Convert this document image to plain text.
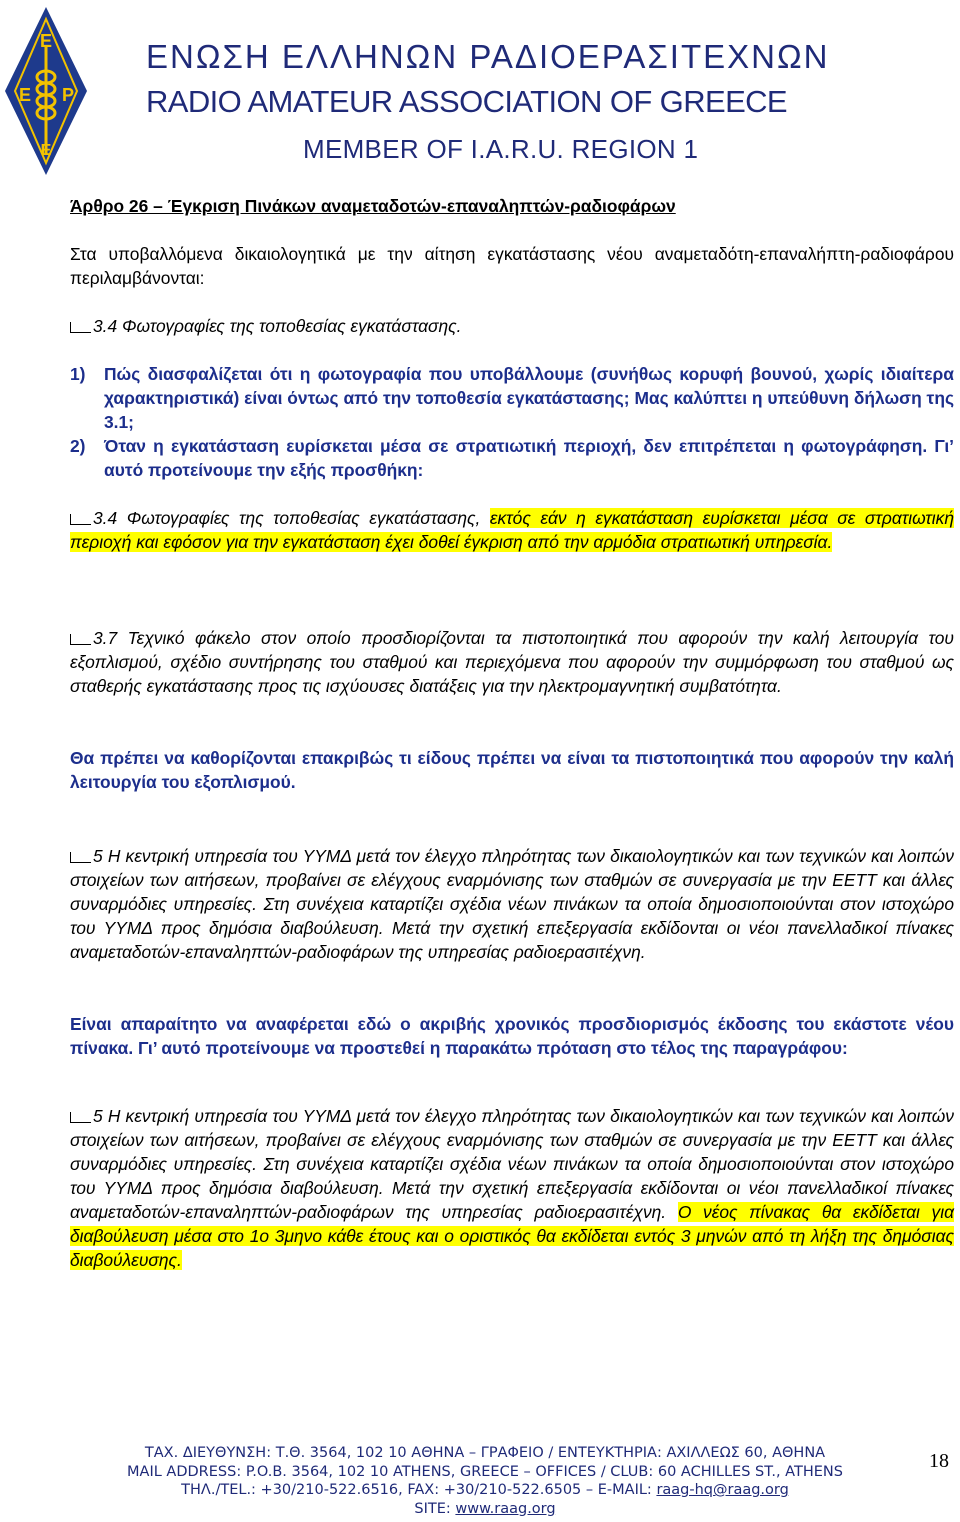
Ε
Ε Ρ
Ε
ΕΝΩΣΗ ΕΛΛΗΝΩΝ ΡΑΔΙΟΕΡΑΣΙΤΕΧΝΩΝ
RADIO AMATEUR ASSOCIATION OF GREECE
MEMBER OF I.A.R.U. REGION 1
Άρθρο 26 – Έγκριση Πινάκων αναμεταδοτών-επαναληπτών-ραδιοφάρων
Στα υποβαλλόμενα δικαιολογητικά με την αίτηση εγκατάστασης νέου αναμεταδότη-επαναλήπτη-ραδιοφάρου περιλαμβάνονται:
3.4 Φωτογραφίες της τοποθεσίας εγκατάστασης.
1)	Πώς διασφαλίζεται ότι η φωτογραφία που υποβάλλουμε (συνήθως κορυφή βουνού, χωρίς ιδιαίτερα χαρακτηριστικά) είναι όντως από την τοποθεσία εγκατάστασης; Μας καλύπτει η υπεύθυνη δήλωση της 3.1;
2)	Όταν η εγκατάσταση ευρίσκεται μέσα σε στρατιωτική περιοχή, δεν επιτρέπεται η φωτογράφηση. Γι’ αυτό προτείνουμε την εξής προσθήκη:
3.4 Φωτογραφίες της τοποθεσίας εγκατάστασης, εκτός εάν η εγκατάσταση ευρίσκεται μέσα σε στρατιωτική περιοχή και εφόσον για την εγκατάσταση έχει δοθεί έγκριση από την αρμόδια στρατιωτική υπηρεσία.
3.7 Τεχνικό φάκελο στον οποίο προσδιορίζονται τα πιστοποιητικά που αφορούν την καλή λειτουργία του εξοπλισμού, σχέδιο συντήρησης του σταθμού και περιεχόμενα που αφορούν την συμμόρφωση του σταθμού ως σταθερής εγκατάστασης προς τις ισχύουσες διατάξεις για την ηλεκτρομαγνητική συμβατότητα.
Θα πρέπει να καθορίζονται επακριβώς τι είδους πρέπει να είναι τα πιστοποιητικά που αφορούν την καλή λειτουργία του εξοπλισμού.
5 Η κεντρική υπηρεσία του ΥΥΜΔ μετά τον έλεγχο πληρότητας των δικαιολογητικών και των τεχνικών και λοιπών στοιχείων των αιτήσεων, προβαίνει σε ελέγχους εναρμόνισης των σταθμών σε συνεργασία με την ΕΕΤΤ και άλλες συναρμόδιες υπηρεσίες. Στη συνέχεια καταρτίζει σχέδια νέων πινάκων τα οποία δημοσιοποιούνται στον ιστοχώρο του ΥΥΜΔ προς δημόσια διαβούλευση. Μετά την σχετική επεξεργασία εκδίδονται οι νέοι πανελλαδικοί πίνακες αναμεταδοτών-επαναληπτών-ραδιοφάρων της υπηρεσίας ραδιοερασιτέχνη.
Είναι απαραίτητο να αναφέρεται εδώ ο ακριβής χρονικός προσδιορισμός έκδοσης του εκάστοτε νέου πίνακα. Γι’ αυτό προτείνουμε να προστεθεί η παρακάτω πρόταση στο τέλος της παραγράφου:
5 Η κεντρική υπηρεσία του ΥΥΜΔ μετά τον έλεγχο πληρότητας των δικαιολογητικών και των τεχνικών και λοιπών στοιχείων των αιτήσεων, προβαίνει σε ελέγχους εναρμόνισης των σταθμών σε συνεργασία με την ΕΕΤΤ και άλλες συναρμόδιες υπηρεσίες. Στη συνέχεια καταρτίζει σχέδια νέων πινάκων τα οποία δημοσιοποιούνται στον ιστοχώρο του ΥΥΜΔ προς δημόσια διαβούλευση. Μετά την σχετική επεξεργασία εκδίδονται οι νέοι πανελλαδικοί πίνακες αναμεταδοτών-επαναληπτών-ραδιοφάρων της υπηρεσίας ραδιοερασιτέχνη. Ο νέος πίνακας θα εκδίδεται για διαβούλευση μέσα στο 1ο 3μηνο κάθε έτους και ο οριστικός θα εκδίδεται εντός 3 μηνών από τη λήξη της δημόσιας διαβούλευσης.
ΤΑΧ. ΔΙΕΥΘΥΝΣΗ: Τ.Θ. 3564, 102 10 ΑΘΗΝΑ – ΓΡΑΦΕΙΟ / ΕΝΤΕΥΚΤΗΡΙΑ: ΑΧΙΛΛΕΩΣ 60, ΑΘΗΝΑ
MAIL ADDRESS: P.O.B. 3564, 102 10 ATHENS, GREECE – OFFICES / CLUB: 60 ACHILLES ST., ATHENS
ΤΗΛ./TEL.: +30/210-522.6516, FAX: +30/210-522.6505 – E-MAIL: raag-hq@raag.org
SITE: www.raag.org
18
